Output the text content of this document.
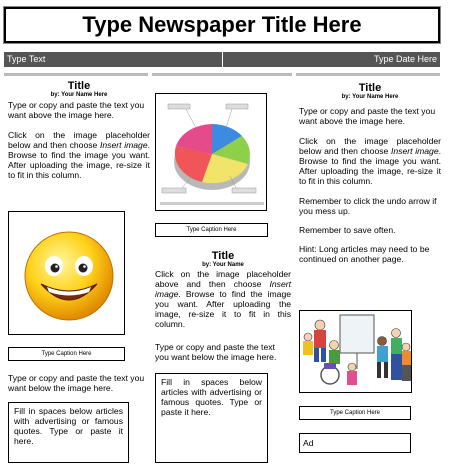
Type Newspaper Title Here
Type Text	Type Date Here
Title
by: Your Name Here
Type or copy and paste the text you want above the image here.
Click on the image placeholder below and then choose Insert image. Browse to find the image you want. After uploading the image, re-size it to fit in this column.
Type Caption Here
Type or copy and paste the text you want below the image here.
Fill in spaces below articles with advertising or famous quotes. Type or paste it here.
Type Caption Here
Title
by: Your Name
Click on the image placeholder above and then choose Insert image. Browse to find the image you want. After uploading the image, re-size it to fit in this column.
Type or copy and paste the text you want below the image here.
Fill in spaces below articles with advertising or famous quotes. Type or paste it here.
Title
by: Your Name Here
Type or copy and paste the text you want above the image here.
Click on the image placeholder below and then choose Insert image. Browse to find the image you want. After uploading the image, re-size it to fit in this column.
Remember to click the undo arrow if you mess up.
Remember to save often.
Hint: Long articles may need to be continued on another page.
Type Caption Here
Ad
